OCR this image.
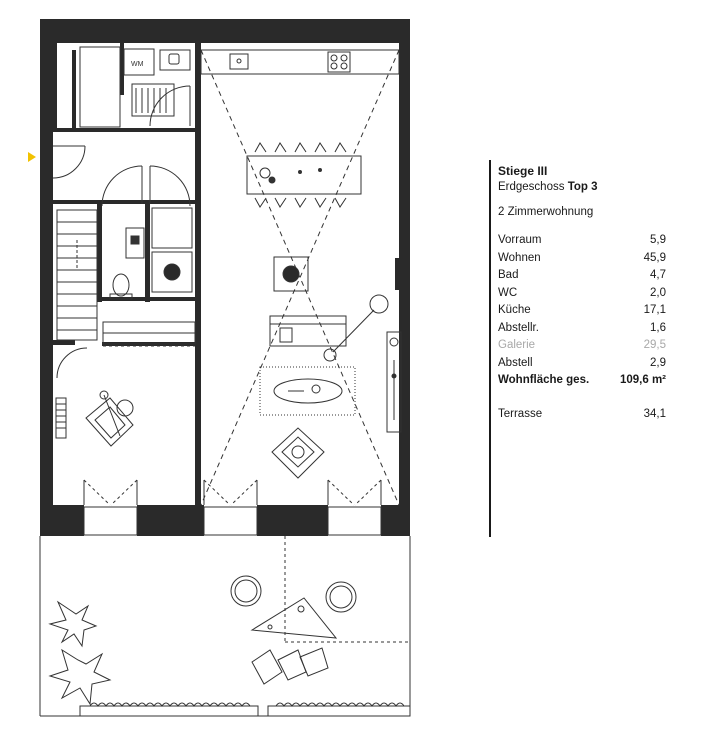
WM
Stiege III
Erdgeschoss Top 3
2 Zimmerwohnung
Vorraum	5,9
Wohnen	45,9
Bad	4,7
WC	2,0
Küche	17,1
Abstellr.	1,6
Galerie	29,5
Abstell	2,9
Wohnfläche ges.	109,6 m²
Terrasse	34,1
